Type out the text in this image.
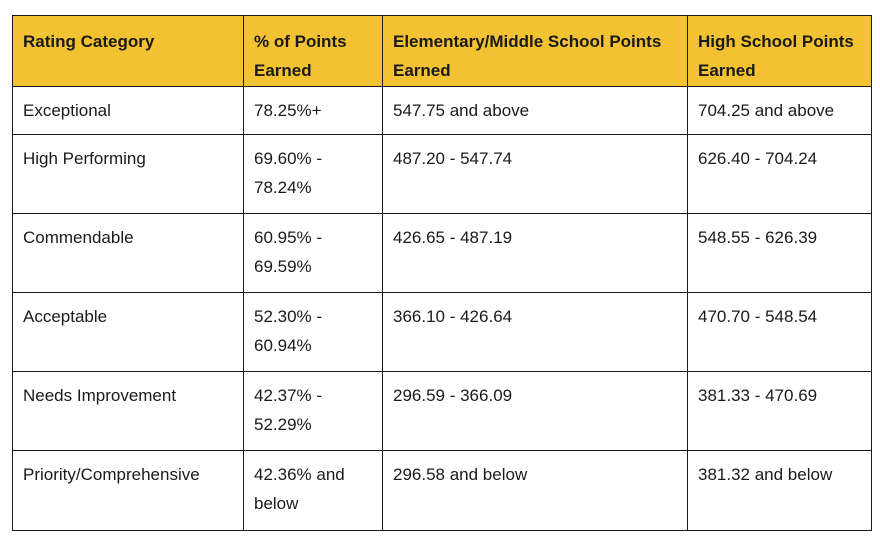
Rating Category	% of Points Earned	Elementary/Middle School Points Earned	High School Points Earned
Exceptional	78.25%+	547.75 and above	704.25 and above
High Performing	69.60% - 78.24%	487.20 - 547.74	626.40 - 704.24
Commendable	60.95% - 69.59%	426.65 - 487.19	548.55 - 626.39
Acceptable	52.30% - 60.94%	366.10 - 426.64	470.70 - 548.54
Needs Improvement	42.37% - 52.29%	296.59 - 366.09	381.33 - 470.69
Priority/Comprehensive	42.36% and below	296.58 and below	381.32 and below
